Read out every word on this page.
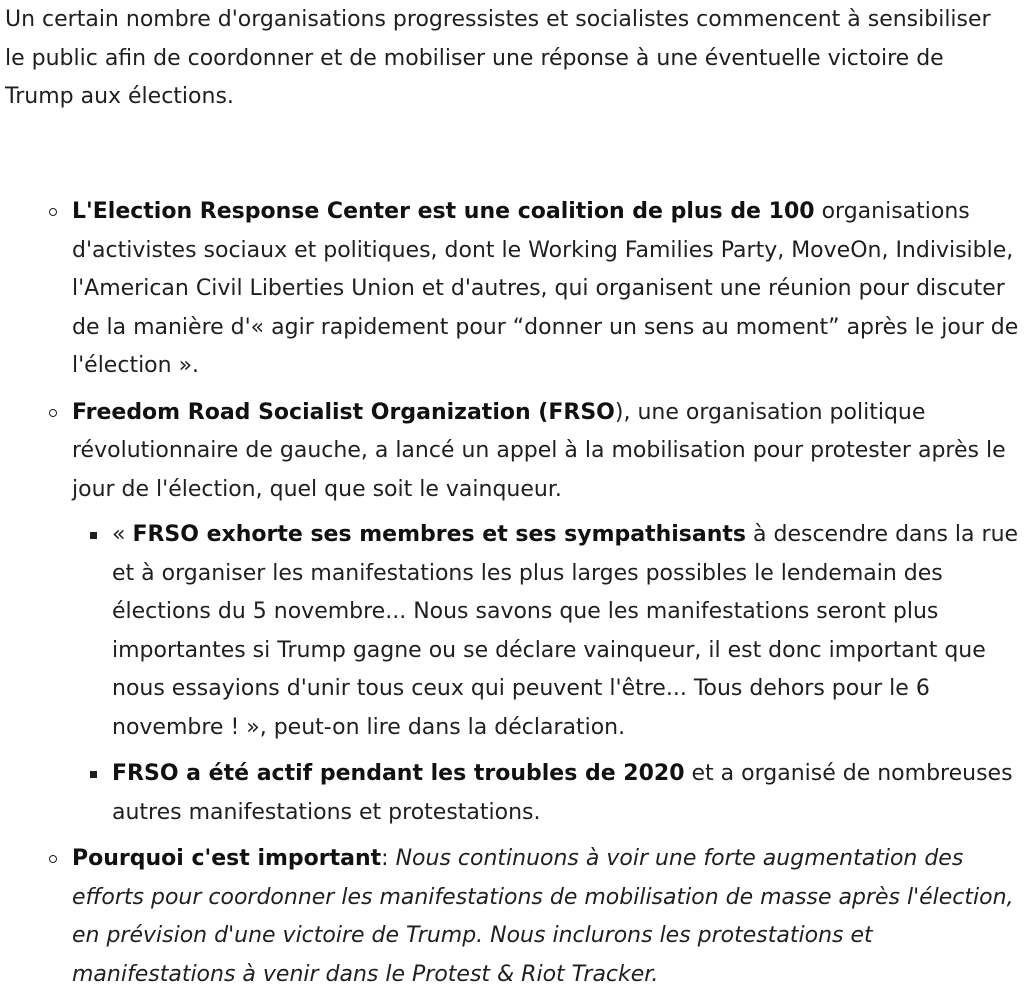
Un certain nombre d'organisations progressistes et socialistes commencent à sensibiliser le public afin de coordonner et de mobiliser une réponse à une éventuelle victoire de Trump aux élections.

L'Election Response Center est une coalition de plus de 100 organisations d'activistes sociaux et politiques, dont le Working Families Party, MoveOn, Indivisible, l'American Civil Liberties Union et d'autres, qui organisent une réunion pour discuter de la manière d'« agir rapidement pour “donner un sens au moment” après le jour de l'élection ».
Freedom Road Socialist Organization (FRSO), une organisation politique révolutionnaire de gauche, a lancé un appel à la mobilisation pour protester après le jour de l'élection, quel que soit le vainqueur.
« FRSO exhorte ses membres et ses sympathisants à descendre dans la rue et à organiser les manifestations les plus larges possibles le lendemain des élections du 5 novembre... Nous savons que les manifestations seront plus importantes si Trump gagne ou se déclare vainqueur, il est donc important que nous essayions d'unir tous ceux qui peuvent l'être... Tous dehors pour le 6 novembre ! », peut-on lire dans la déclaration.
FRSO a été actif pendant les troubles de 2020 et a organisé de nombreuses autres manifestations et protestations.
Pourquoi c'est important: Nous continuons à voir une forte augmentation des efforts pour coordonner les manifestations de mobilisation de masse après l'élection, en prévision d'une victoire de Trump. Nous inclurons les protestations et manifestations à venir dans le Protest & Riot Tracker.
